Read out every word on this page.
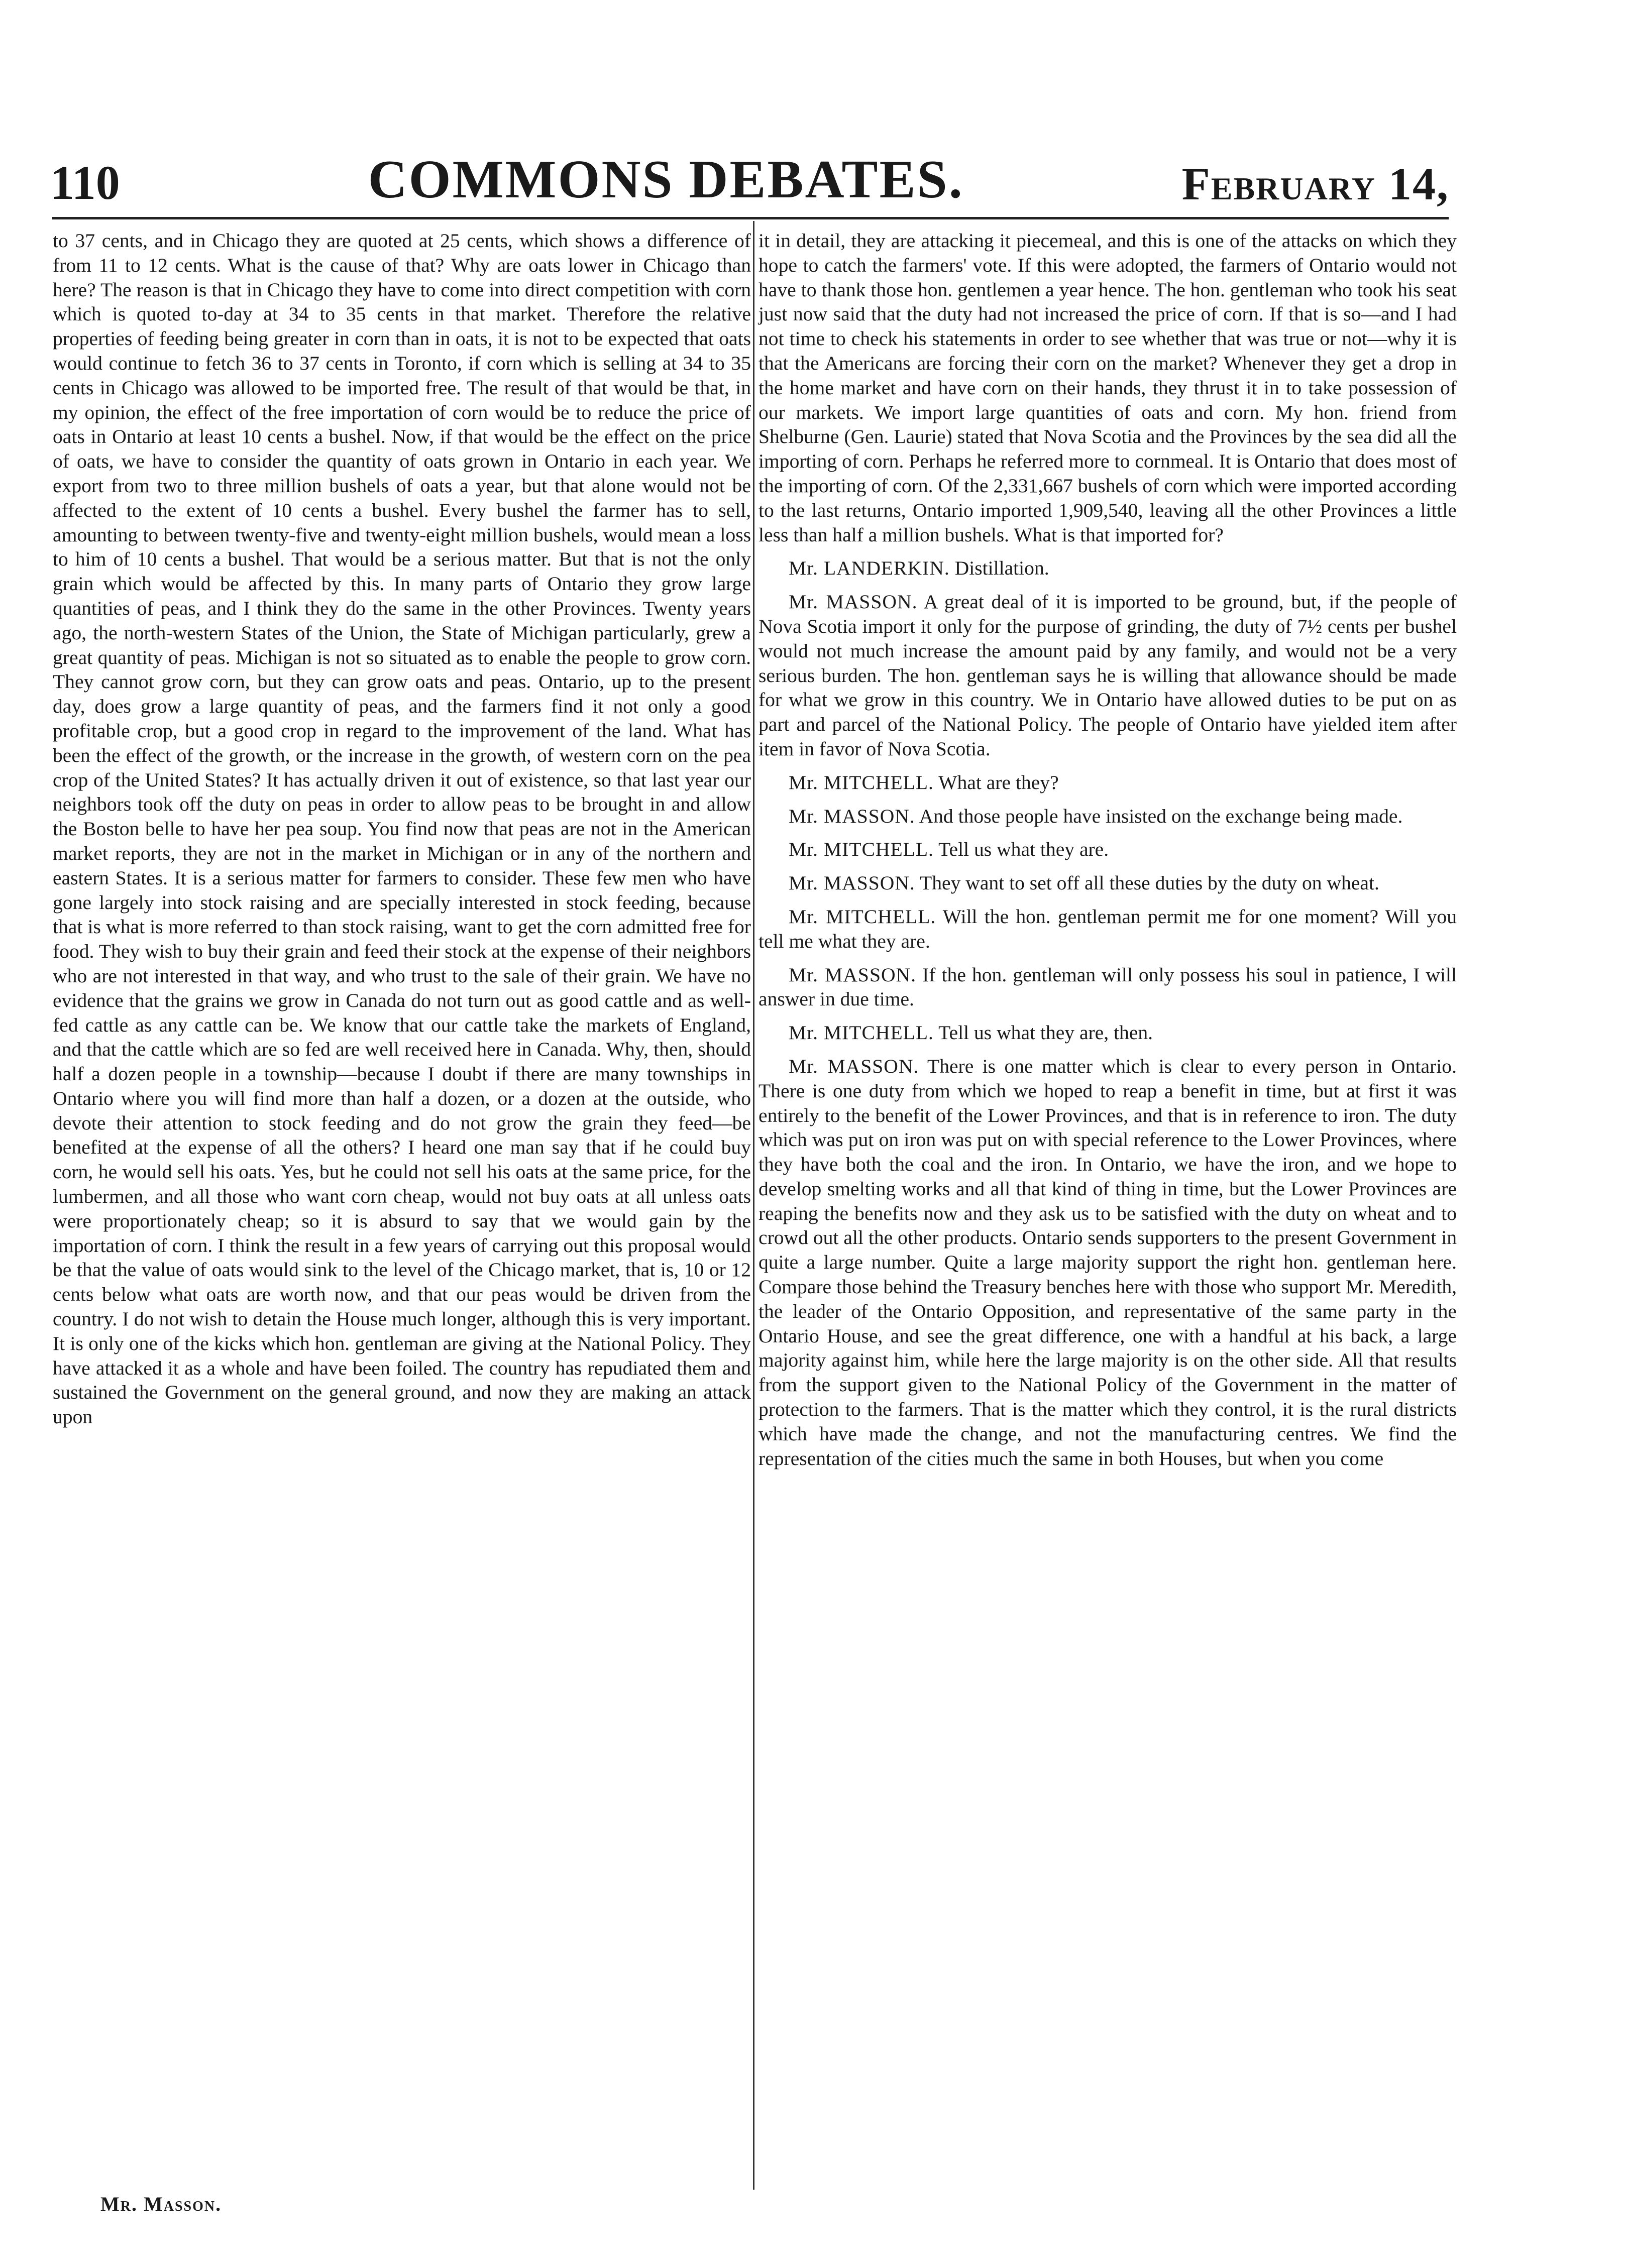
110	COMMONS DEBATES.	February 14,

to 37 cents, and in Chicago they are quoted at 25 cents, which shows a difference of from 11 to 12 cents. What is the cause of that? Why are oats lower in Chicago than here? The reason is that in Chicago they have to come into direct competition with corn which is quoted to-day at 34 to 35 cents in that market. Therefore the relative properties of feeding being greater in corn than in oats, it is not to be expected that oats would continue to fetch 36 to 37 cents in Toronto, if corn which is selling at 34 to 35 cents in Chicago was allowed to be imported free. The result of that would be that, in my opinion, the effect of the free importation of corn would be to reduce the price of oats in Ontario at least 10 cents a bushel. Now, if that would be the effect on the price of oats, we have to consider the quantity of oats grown in Ontario in each year. We export from two to three million bushels of oats a year, but that alone would not be affected to the extent of 10 cents a bushel. Every bushel the farmer has to sell, amounting to between twenty-five and twenty-eight million bushels, would mean a loss to him of 10 cents a bushel. That would be a serious matter. But that is not the only grain which would be affected by this. In many parts of Ontario they grow large quantities of peas, and I think they do the same in the other Provinces. Twenty years ago, the north-western States of the Union, the State of Michigan particularly, grew a great quantity of peas. Michigan is not so situated as to enable the people to grow corn. They cannot grow corn, but they can grow oats and peas. Ontario, up to the present day, does grow a large quantity of peas, and the farmers find it not only a good profitable crop, but a good crop in regard to the improvement of the land. What has been the effect of the growth, or the increase in the growth, of western corn on the pea crop of the United States? It has actually driven it out of existence, so that last year our neighbors took off the duty on peas in order to allow peas to be brought in and allow the Boston belle to have her pea soup. You find now that peas are not in the American market reports, they are not in the market in Michigan or in any of the northern and eastern States. It is a serious matter for farmers to consider. These few men who have gone largely into stock raising and are specially interested in stock feeding, because that is what is more referred to than stock raising, want to get the corn admitted free for food. They wish to buy their grain and feed their stock at the expense of their neighbors who are not interested in that way, and who trust to the sale of their grain. We have no evidence that the grains we grow in Canada do not turn out as good cattle and as well-fed cattle as any cattle can be. We know that our cattle take the markets of England, and that the cattle which are so fed are well received here in Canada. Why, then, should half a dozen people in a township—because I doubt if there are many townships in Ontario where you will find more than half a dozen, or a dozen at the outside, who devote their attention to stock feeding and do not grow the grain they feed—be benefited at the expense of all the others? I heard one man say that if he could buy corn, he would sell his oats. Yes, but he could not sell his oats at the same price, for the lumbermen, and all those who want corn cheap, would not buy oats at all unless oats were proportionately cheap; so it is absurd to say that we would gain by the importation of corn. I think the result in a few years of carrying out this proposal would be that the value of oats would sink to the level of the Chicago market, that is, 10 or 12 cents below what oats are worth now, and that our peas would be driven from the country. I do not wish to detain the House much longer, although this is very important. It is only one of the kicks which hon. gentleman are giving at the National Policy. They have attacked it as a whole and have been foiled. The country has repudiated them and sustained the Government on the general ground, and now they are making an attack upon

it in detail, they are attacking it piecemeal, and this is one of the attacks on which they hope to catch the farmers' vote. If this were adopted, the farmers of Ontario would not have to thank those hon. gentlemen a year hence. The hon. gentleman who took his seat just now said that the duty had not increased the price of corn. If that is so—and I had not time to check his statements in order to see whether that was true or not—why it is that the Americans are forcing their corn on the market? Whenever they get a drop in the home market and have corn on their hands, they thrust it in to take possession of our markets. We import large quantities of oats and corn. My hon. friend from Shelburne (Gen. Laurie) stated that Nova Scotia and the Provinces by the sea did all the importing of corn. Perhaps he referred more to cornmeal. It is Ontario that does most of the importing of corn. Of the 2,331,667 bushels of corn which were imported according to the last returns, Ontario imported 1,909,540, leaving all the other Provinces a little less than half a million bushels. What is that imported for?

Mr. LANDERKIN. Distillation.

Mr. MASSON. A great deal of it is imported to be ground, but, if the people of Nova Scotia import it only for the purpose of grinding, the duty of 7½ cents per bushel would not much increase the amount paid by any family, and would not be a very serious burden. The hon. gentleman says he is willing that allowance should be made for what we grow in this country. We in Ontario have allowed duties to be put on as part and parcel of the National Policy. The people of Ontario have yielded item after item in favor of Nova Scotia.

Mr. MITCHELL. What are they?

Mr. MASSON. And those people have insisted on the exchange being made.

Mr. MITCHELL. Tell us what they are.

Mr. MASSON. They want to set off all these duties by the duty on wheat.

Mr. MITCHELL. Will the hon. gentleman permit me for one moment? Will you tell me what they are.

Mr. MASSON. If the hon. gentleman will only possess his soul in patience, I will answer in due time.

Mr. MITCHELL. Tell us what they are, then.

Mr. MASSON. There is one matter which is clear to every person in Ontario. There is one duty from which we hoped to reap a benefit in time, but at first it was entirely to the benefit of the Lower Provinces, and that is in reference to iron. The duty which was put on iron was put on with special reference to the Lower Provinces, where they have both the coal and the iron. In Ontario, we have the iron, and we hope to develop smelting works and all that kind of thing in time, but the Lower Provinces are reaping the benefits now and they ask us to be satisfied with the duty on wheat and to crowd out all the other products. Ontario sends supporters to the present Government in quite a large number. Quite a large majority support the right hon. gentleman here. Compare those behind the Treasury benches here with those who support Mr. Meredith, the leader of the Ontario Opposition, and representative of the same party in the Ontario House, and see the great difference, one with a handful at his back, a large majority against him, while here the large majority is on the other side. All that results from the support given to the National Policy of the Government in the matter of protection to the farmers. That is the matter which they control, it is the rural districts which have made the change, and not the manufacturing centres. We find the representation of the cities much the same in both Houses, but when you come

Mr. Masson.
